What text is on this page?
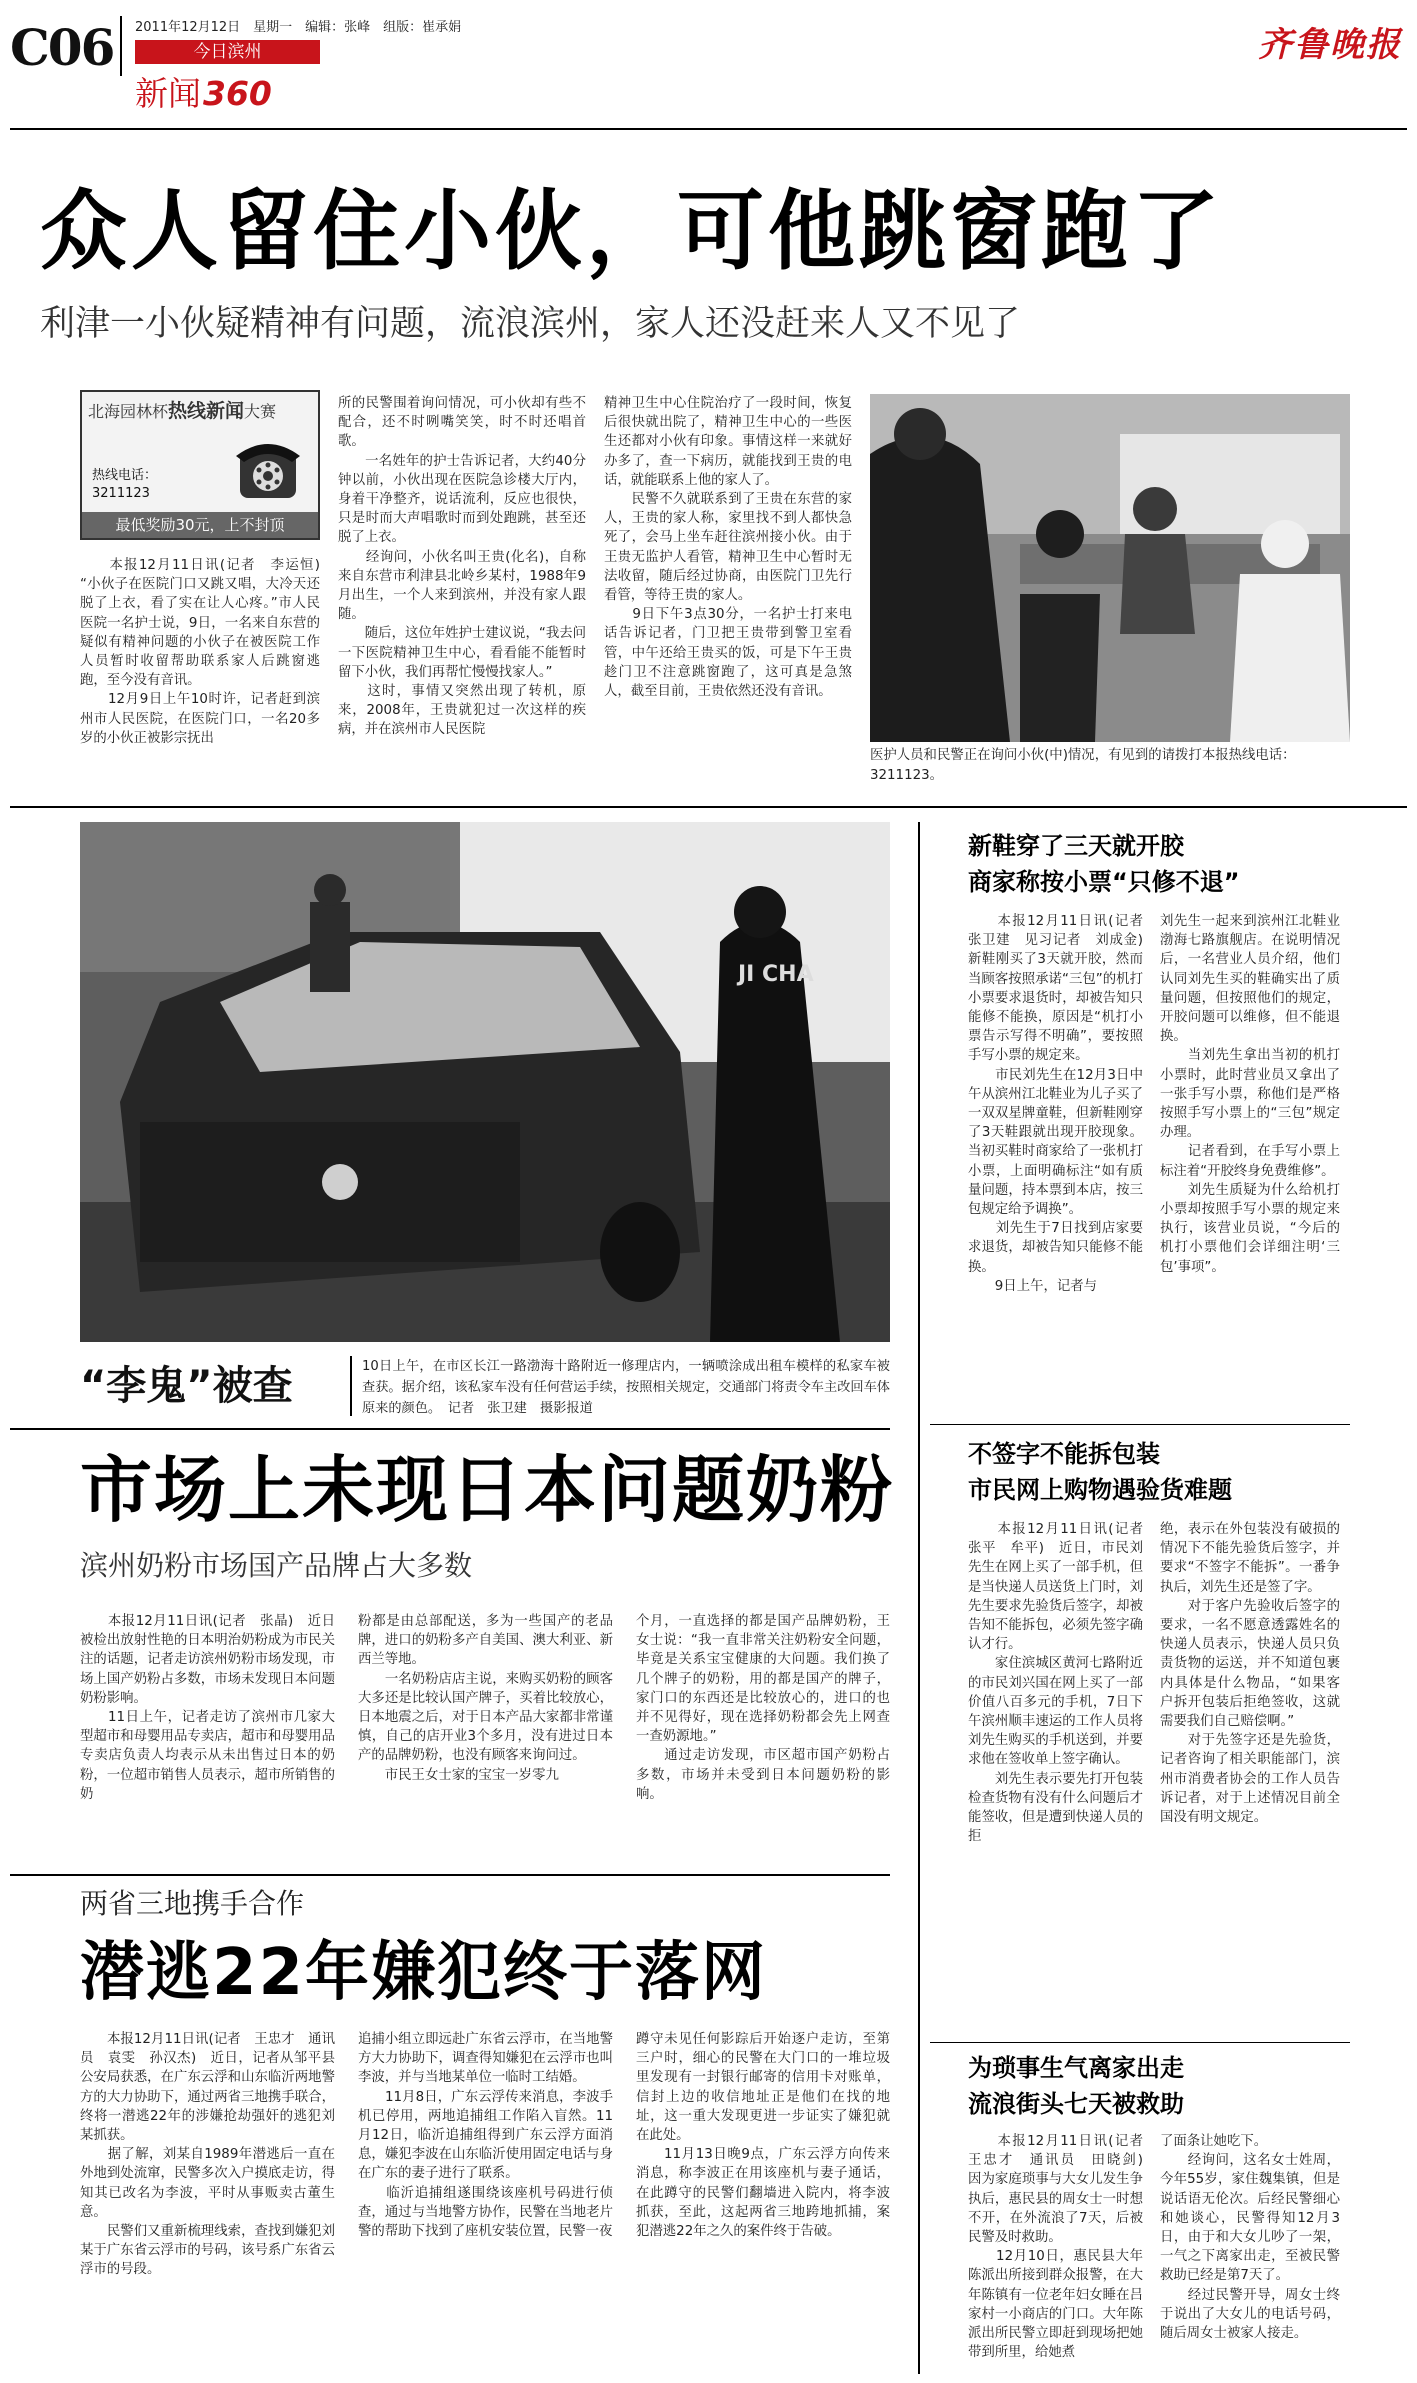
C06 2011年12月12日　星期一　编辑：张峰　组版：崔承娟
今日滨州
新闻360
齐鲁晚报
众人留住小伙，可他跳窗跑了
利津一小伙疑精神有问题，流浪滨州，家人还没赶来人又不见了
北海园林杯热线新闻大赛
热线电话：
3211123
最低奖励30元，上不封顶
　　本报12月11日讯(记者　李运恒)　“小伙子在医院门口又跳又唱，大冷天还脱了上衣，看了实在让人心疼。”市人民医院一名护士说，9日，一名来自东营的疑似有精神问题的小伙子在被医院工作人员暂时收留帮助联系家人后跳窗逃跑，至今没有音讯。
　　12月9日上午10时许，记者赶到滨州市人民医院，在医院门口，一名20多岁的小伙正被影宗抚出
所的民警围着询问情况，可小伙却有些不配合，还不时咧嘴笑笑，时不时还唱首歌。
　　一名姓年的护士告诉记者，大约40分钟以前，小伙出现在医院急诊楼大厅内，身着干净整齐，说话流利，反应也很快，只是时而大声唱歌时而到处跑跳，甚至还脱了上衣。
　　经询问，小伙名叫王贵(化名)，自称来自东营市利津县北岭乡某村，1988年9月出生，一个人来到滨州，并没有家人跟随。
　　随后，这位年姓护士建议说，“我去问一下医院精神卫生中心，看看能不能暂时留下小伙，我们再帮忙慢慢找家人。”
　　这时，事情又突然出现了转机，原来，2008年，王贵就犯过一次这样的疾病，并在滨州市人民医院
精神卫生中心住院治疗了一段时间，恢复后很快就出院了，精神卫生中心的一些医生还都对小伙有印象。事情这样一来就好办多了，查一下病历，就能找到王贵的电话，就能联系上他的家人了。
　　民警不久就联系到了王贵在东营的家人，王贵的家人称，家里找不到人都快急死了，会马上坐车赶往滨州接小伙。由于王贵无监护人看管，精神卫生中心暂时无法收留，随后经过协商，由医院门卫先行看管，等待王贵的家人。
　　9日下午3点30分，一名护士打来电话告诉记者，门卫把王贵带到警卫室看管，中午还给王贵买的饭，可是下午王贵趁门卫不注意跳窗跑了，这可真是急煞人，截至目前，王贵依然还没有音讯。
医护人员和民警正在询问小伙(中)情况，有见到的请拨打本报热线电话：3211123。
JI CHA
“李鬼”被查	10日上午，在市区长江一路渤海十路附近一修理店内，一辆喷涂成出租车模样的私家车被查获。据介绍，该私家车没有任何营运手续，按照相关规定，交通部门将责令车主改回车体原来的颜色。　记者　张卫建　摄影报道
市场上未现日本问题奶粉
滨州奶粉市场国产品牌占大多数
　　本报12月11日讯(记者　张晶)　近日被检出放射性艳的日本明治奶粉成为市民关注的话题，记者走访滨州奶粉市场发现，市场上国产奶粉占多数，市场未发现日本问题奶粉影响。
　　11日上午，记者走访了滨州市几家大型超市和母婴用品专卖店，超市和母婴用品专卖店负责人均表示从未出售过日本的奶粉，一位超市销售人员表示，超市所销售的奶
粉都是由总部配送，多为一些国产的老品牌，进口的奶粉多产自美国、澳大利亚、新西兰等地。
　　一名奶粉店店主说，来购买奶粉的顾客大多还是比较认国产牌子，买着比较放心，日本地震之后，对于日本产品大家都非常谨慎，自己的店开业3个多月，没有进过日本产的品牌奶粉，也没有顾客来询问过。
　　市民王女士家的宝宝一岁零九
个月，一直选择的都是国产品牌奶粉，王女士说：“我一直非常关注奶粉安全问题，毕竟是关系宝宝健康的大问题。我们换了几个牌子的奶粉，用的都是国产的牌子，家门口的东西还是比较放心的，进口的也并不见得好，现在选择奶粉都会先上网查一查奶源地。”
　　通过走访发现，市区超市国产奶粉占多数，市场并未受到日本问题奶粉的影响。
两省三地携手合作
潜逃22年嫌犯终于落网
　　本报12月11日讯(记者　王忠才　通讯员　袁雯　孙汉杰)　近日，记者从邹平县公安局获悉，在广东云浮和山东临沂两地警方的大力协助下，通过两省三地携手联合，终将一潜逃22年的涉嫌抢劫强奸的逃犯刘某抓获。
　　据了解，刘某自1989年潜逃后一直在外地到处流窜，民警多次入户摸底走访，得知其已改名为李波，平时从事贩卖古董生意。
　　民警们又重新梳理线索，查找到嫌犯刘某于广东省云浮市的号码，该号系广东省云浮市的号段。
追捕小组立即远赴广东省云浮市，在当地警方大力协助下，调查得知嫌犯在云浮市也叫李波，并与当地某单位一临时工结婚。
　　11月8日，广东云浮传来消息，李波手机已停用，两地追捕组工作陷入盲然。11月12日，临沂追捕组得到广东云浮方面消息，嫌犯李波在山东临沂使用固定电话与身在广东的妻子进行了联系。
　　临沂追捕组遂围绕该座机号码进行侦查，通过与当地警方协作，民警在当地老片警的帮助下找到了座机安装位置，民警一夜
蹲守未见任何影踪后开始逐户走访，至第三户时，细心的民警在大门口的一堆垃圾里发现有一封银行邮寄的信用卡对账单，信封上边的收信地址正是他们在找的地址，这一重大发现更进一步证实了嫌犯就在此处。
　　11月13日晚9点，广东云浮方向传来消息，称李波正在用该座机与妻子通话，在此蹲守的民警们翻墙进入院内，将李波抓获，至此，这起两省三地跨地抓捕，案犯潜逃22年之久的案件终于告破。
新鞋穿了三天就开胶
商家称按小票“只修不退”
　　本报12月11日讯(记者　张卫建　见习记者　刘成金)　新鞋刚买了3天就开胶，然而当顾客按照承诺“三包”的机打小票要求退货时，却被告知只能修不能换，原因是“机打小票告示写得不明确”，要按照手写小票的规定来。
　　市民刘先生在12月3日中午从滨州江北鞋业为儿子买了一双双星牌童鞋，但新鞋刚穿了3天鞋跟就出现开胶现象。当初买鞋时商家给了一张机打小票，上面明确标注“如有质量问题，持本票到本店，按三包规定给予调换”。
　　刘先生于7日找到店家要求退货，却被告知只能修不能换。
　　9日上午，记者与
刘先生一起来到滨州江北鞋业渤海七路旗舰店。在说明情况后，一名营业人员介绍，他们认同刘先生买的鞋确实出了质量问题，但按照他们的规定，开胶问题可以维修，但不能退换。
　　当刘先生拿出当初的机打小票时，此时营业员又拿出了一张手写小票，称他们是严格按照手写小票上的“三包”规定办理。
　　记者看到，在手写小票上标注着“开胶终身免费维修”。
　　刘先生质疑为什么给机打小票却按照手写小票的规定来执行，该营业员说，“今后的机打小票他们会详细注明‘三包’事项”。
不签字不能拆包装
市民网上购物遇验货难题
　　本报12月11日讯(记者　张平　牟平)　近日，市民刘先生在网上买了一部手机，但是当快递人员送货上门时，刘先生要求先验货后签字，却被告知不能拆包，必须先签字确认才行。
　　家住滨城区黄河七路附近的市民刘兴国在网上买了一部价值八百多元的手机，7日下午滨州顺丰速运的工作人员将刘先生购买的手机送到，并要求他在签收单上签字确认。
　　刘先生表示要先打开包装检查货物有没有什么问题后才能签收，但是遭到快递人员的拒
绝，表示在外包装没有破损的情况下不能先验货后签字，并要求“不签字不能拆”。一番争执后，刘先生还是签了字。
　　对于客户先验收后签字的要求，一名不愿意透露姓名的快递人员表示，快递人员只负责货物的运送，并不知道包裹内具体是什么物品，“如果客户拆开包装后拒绝签收，这就需要我们自己赔偿啊。”
　　对于先签字还是先验货，记者咨询了相关职能部门，滨州市消费者协会的工作人员告诉记者，对于上述情况目前全国没有明文规定。
为琐事生气离家出走
流浪街头七天被救助
　　本报12月11日讯(记者　王忠才　通讯员　田晓剑)　因为家庭琐事与大女儿发生争执后，惠民县的周女士一时想不开，在外流浪了7天，后被民警及时救助。
　　12月10日，惠民县大年陈派出所接到群众报警，在大年陈镇有一位老年妇女睡在吕家村一小商店的门口。大年陈派出所民警立即赶到现场把她带到所里，给她煮
了面条让她吃下。
　　经询问，这名女士姓周，今年55岁，家住魏集镇，但是说话语无伦次。后经民警细心和她谈心，民警得知12月3日，由于和大女儿吵了一架，一气之下离家出走，至被民警救助已经是第7天了。
　　经过民警开导，周女士终于说出了大女儿的电话号码，随后周女士被家人接走。
